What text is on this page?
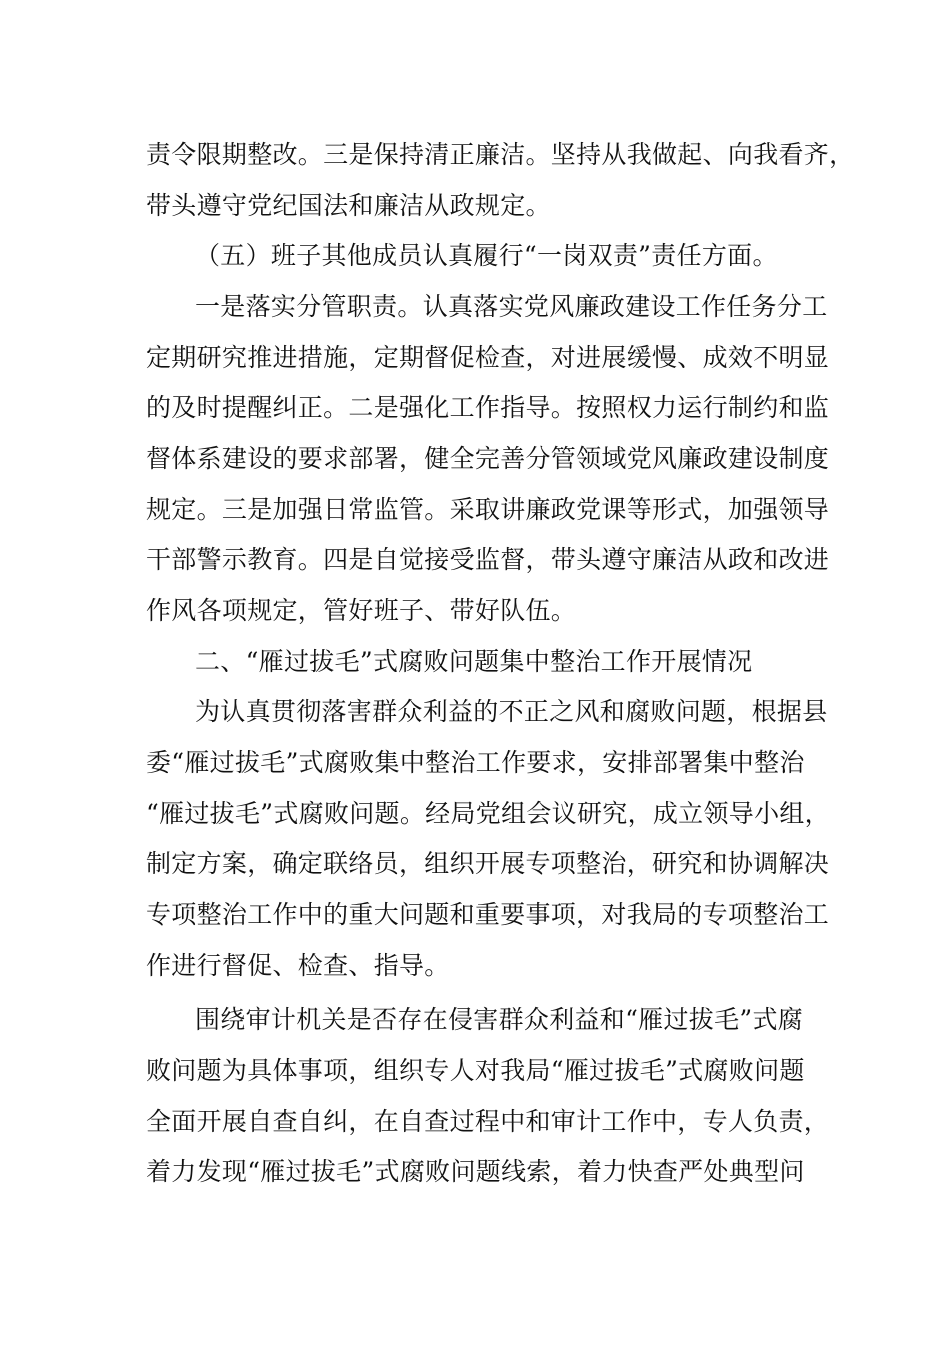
责令限期整改。三是保持清正廉洁。坚持从我做起、向我看齐，
带头遵守党纪国法和廉洁从政规定。
（五）班子其他成员认真履行“一岗双责”责任方面。
一是落实分管职责。认真落实党风廉政建设工作任务分工
定期研究推进措施，定期督促检查，对进展缓慢、成效不明显
的及时提醒纠正。二是强化工作指导。按照权力运行制约和监
督体系建设的要求部署，健全完善分管领域党风廉政建设制度
规定。三是加强日常监管。采取讲廉政党课等形式，加强领导
干部警示教育。四是自觉接受监督，带头遵守廉洁从政和改进
作风各项规定，管好班子、带好队伍。
二、“雁过拔毛”式腐败问题集中整治工作开展情况
为认真贯彻落害群众利益的不正之风和腐败问题，根据县
委“雁过拔毛”式腐败集中整治工作要求，安排部署集中整治
“雁过拔毛”式腐败问题。经局党组会议研究，成立领导小组，
制定方案，确定联络员，组织开展专项整治，研究和协调解决
专项整治工作中的重大问题和重要事项，对我局的专项整治工
作进行督促、检查、指导。
围绕审计机关是否存在侵害群众利益和“雁过拔毛”式腐
败问题为具体事项，组织专人对我局“雁过拔毛”式腐败问题
全面开展自查自纠，在自查过程中和审计工作中，专人负责，
着力发现“雁过拔毛”式腐败问题线索，着力快查严处典型问
